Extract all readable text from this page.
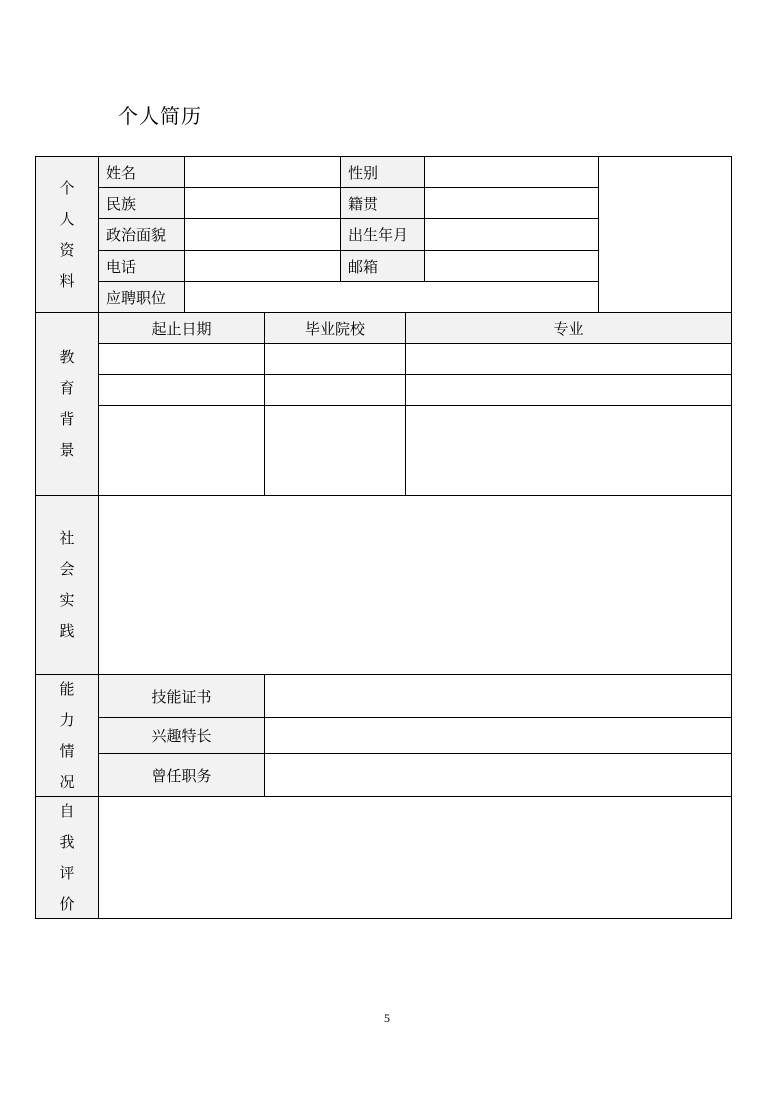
个人简历
个
人
资
料
姓名	性别
民族	籍贯
政治面貌	出生年月
电话	邮箱
应聘职位
教
育
背
景
起止日期	毕业院校	专业
社
会
实
践
能
力
情
况
技能证书
兴趣特长
曾任职务
自
我
评
价
5
